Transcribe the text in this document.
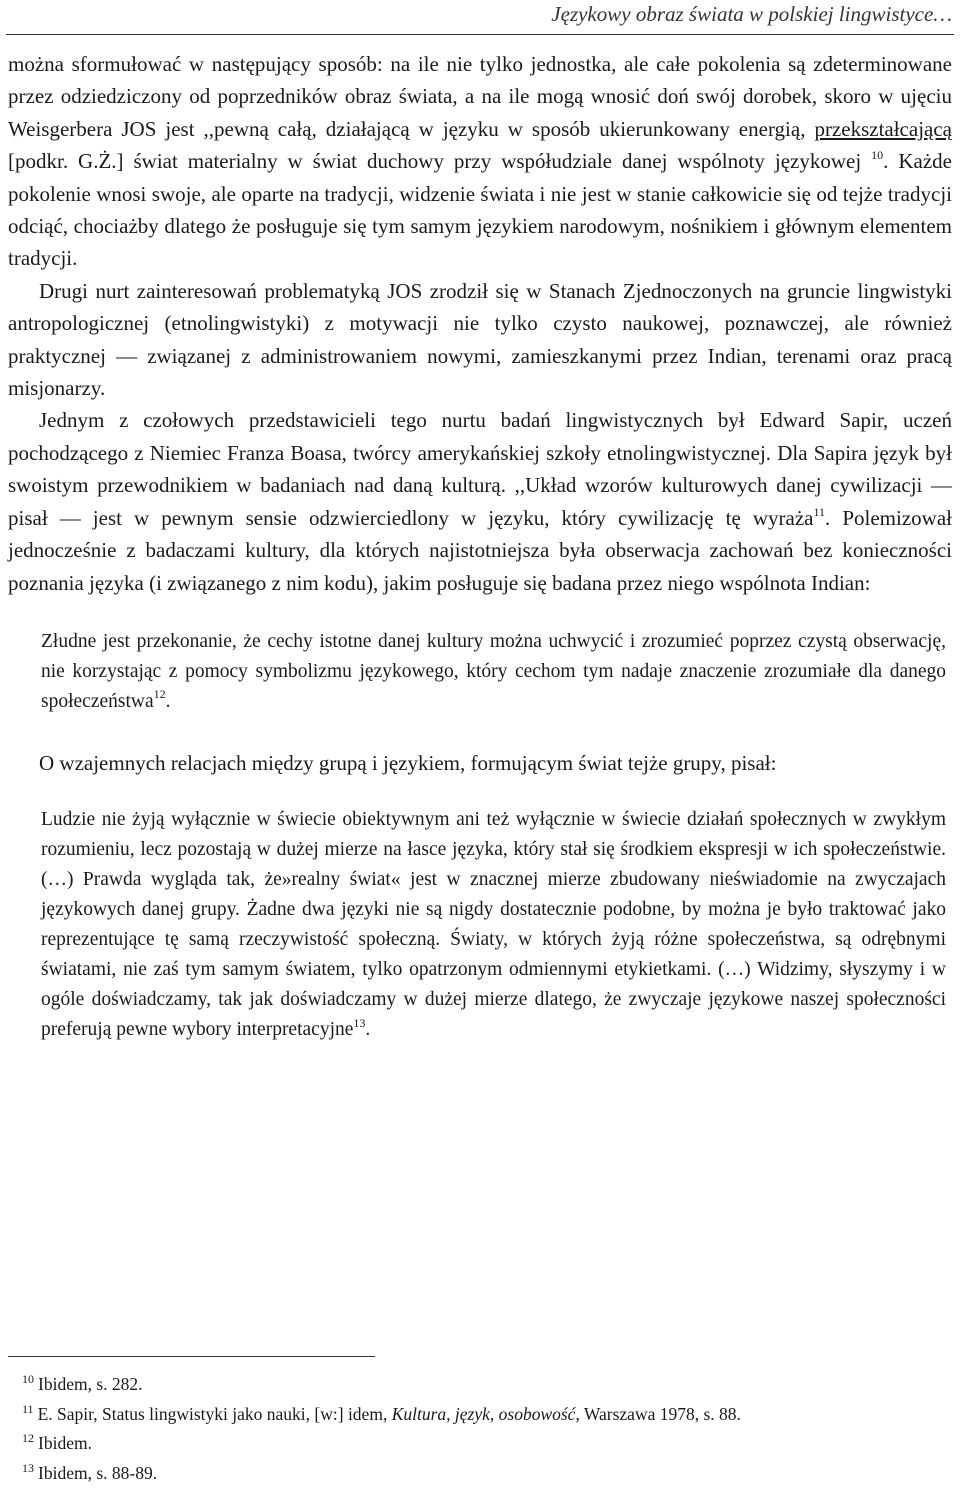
Językowy obraz świata w polskiej lingwistyce…

można sformułować w następujący sposób: na ile nie tylko jednostka, ale całe pokolenia są zdeterminowane przez odziedziczony od poprzedników obraz świata, a na ile mogą wnosić doń swój dorobek, skoro w ujęciu Weisgerbera JOS jest ,,pewną całą, działającą w języku w sposób ukierunkowany energią, przekształcającą [podkr. G.Ż.] świat materialny w świat duchowy przy współudziale danej wspólnoty językowej $^{10}$. Każde pokolenie wnosi swoje, ale oparte na tradycji, widzenie świata i nie jest w stanie całkowicie się od tejże tradycji odciąć, chociażby dlatego że posługuje się tym samym językiem narodowym, nośnikiem i głównym elementem tradycji.

Drugi nurt zainteresowań problematyką JOS zrodził się w Stanach Zjednoczonych na gruncie lingwistyki antropologicznej (etnolingwistyki) z motywacji nie tylko czysto naukowej, poznawczej, ale również praktycznej ― związanej z administrowaniem nowymi, zamieszkanymi przez Indian, terenami oraz pracą misjonarzy.

Jednym z czołowych przedstawicieli tego nurtu badań lingwistycznych był Edward Sapir, uczeń pochodzącego z Niemiec Franza Boasa, twórcy amerykańskiej szkoły etnolingwistycznej. Dla Sapira język był swoistym przewodnikiem w badaniach nad daną kulturą. ,,Układ wzorów kulturowych danej cywilizacji ― pisał ― jest w pewnym sensie odzwierciedlony w języku, który cywilizację tę wyraża$^{11}$. Polemizował jednocześnie z badaczami kultury, dla których najistotniejsza była obserwacja zachowań bez konieczności poznania języka (i związanego z nim kodu), jakim posługuje się badana przez niego wspólnota Indian:

Złudne jest przekonanie, że cechy istotne danej kultury można uchwycić i zrozumieć poprzez czystą obserwację, nie korzystając z pomocy symbolizmu językowego, który cechom tym nadaje znaczenie zrozumiałe dla danego społeczeństwa$^{12}$.

O wzajemnych relacjach między grupą i językiem, formującym świat tejże grupy, pisał:

Ludzie nie żyją wyłącznie w świecie obiektywnym ani też wyłącznie w świecie działań społecznych w zwykłym rozumieniu, lecz pozostają w dużej mierze na łasce języka, który stał się środkiem ekspresji w ich społeczeństwie. (…) Prawda wygląda tak, że»realny świat« jest w znacznej mierze zbudowany nieświadomie na zwyczajach językowych danej grupy. Żadne dwa języki nie są nigdy dostatecznie podobne, by można je było traktować jako reprezentujące tę samą rzeczywistość społeczną. Światy, w których żyją różne społeczeństwa, są odrębnymi światami, nie zaś tym samym światem, tylko opatrzonym odmiennymi etykietkami. (…) Widzimy, słyszymy i w ogóle doświadczamy, tak jak doświadczamy w dużej mierze dlatego, że zwyczaje językowe naszej społeczności preferują pewne wybory interpretacyjne$^{13}$.

$^{10}$ Ibidem, s. 282.

$^{11}$ E. Sapir, Status lingwistyki jako nauki, [w:] idem, Kultura, język, osobowość, Warszawa 1978, s. 88.

$^{12}$ Ibidem.

$^{13}$ Ibidem, s. 88-89.
